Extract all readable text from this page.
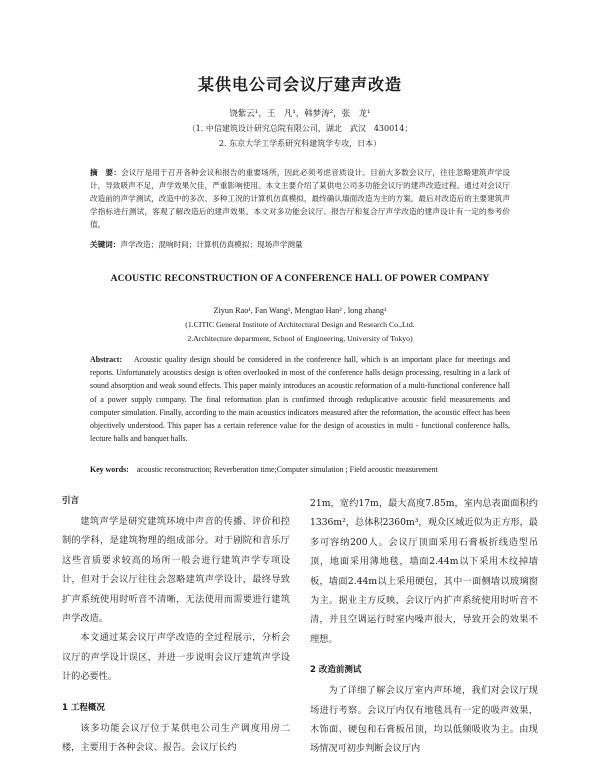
某供电公司会议厅建声改造
饶紫云¹，王　凡¹，韩梦涛²，张　龙¹
（1. 中信建筑设计研究总院有限公司，湖北　武汉　430014；
2. 东京大学工学系研究科建筑学专攻，日本）

摘　要：会议厅是用于召开各种会议和报告的重要场所，因此必须考虑音质设计。目前大多数会议厅，往往忽略建筑声学设计，导致吸声不足，声学效果欠佳，严重影响使用。本文主要介绍了某供电公司多功能会议厅的建声改造过程。通过对会议厅改造前的声学测试，改造中的多次、多种工况的计算机仿真模拟，最终确认墙面改造为主的方案。最后对改造后的主要建筑声学指标进行测试，客观了解改造后的建声效果。本文对多功能会议厅、报告厅和复合厅声学改造的建声设计有一定的参考价值。

关键词：声学改造；混响时间；计算机仿真模拟；现场声学测量

ACOUSTIC RECONSTRUCTION OF A CONFERENCE HALL OF POWER COMPANY
Ziyun Rao¹, Fan Wang¹, Mengtao Han² , long zhang¹
(1.CITIC General Institute of Architectural Design and Research Co.,Ltd.
2.Architecture department, School of Engineering, University of Tokyo)

Abstract: Acoustic quality design should be considered in the conference hall, which is an important place for meetings and reports. Unfortunately acoustics design is often overlooked in most of the conference halls design processing, resulting in a lack of sound absorption and weak sound effects. This paper mainly introduces an acoustic reformation of a multi-functional conference hall of a power supply company. The final reformation plan is confirmed through reduplicative acoustic field measurements and computer simulation. Finally, according to the main acoustics indicators measured after the reformation, the acoustic effect has been objectively understood. This paper has a certain reference value for the design of acoustics in multi - functional conference halls, lecture halls and banquet halls.

Key words: acoustic reconstruction; Reverberation time;Computer simulation ; Field acoustic measurement

引言

建筑声学是研究建筑环境中声音的传播、评价和控制的学科，是建筑物理的组成部分。对于剧院和音乐厅这些音质要求较高的场所一般会进行建筑声学专项设计，但对于会议厅往往会忽略建筑声学设计，最终导致扩声系统使用时听音不清晰，无法使用而需要进行建筑声学改造。

本文通过某会议厅声学改造的全过程展示，分析会议厅的声学设计误区，并进一步说明会议厅建筑声学设计的必要性。

1 工程概况

该多功能会议厅位于某供电公司生产调度用房二楼，主要用于各种会议、报告。会议厅长约

21m，宽约17m，最大高度7.85m，室内总表面面积约1336m²，总体积2360m³，观众区域近似为正方形，最多可容纳200人。会议厅顶面采用石膏板折线造型吊顶，地面采用薄地毯，墙面2.44m以下采用木纹掉墙板，墙面2.44m以上采用硬包，其中一面侧墙以玻璃窗为主。据业主方反映，会议厅内扩声系统使用时听音不清，并且空调运行时室内噪声很大，导致开会的效果不理想。

2 改造前测试

为了详细了解会议厅室内声环境，我们对会议厅现场进行考察。会议厅内仅有地毯具有一定的吸声效果，木饰面、硬包和石膏板吊顶，均以低频吸收为主。由现场情况可初步判断会议厅内
